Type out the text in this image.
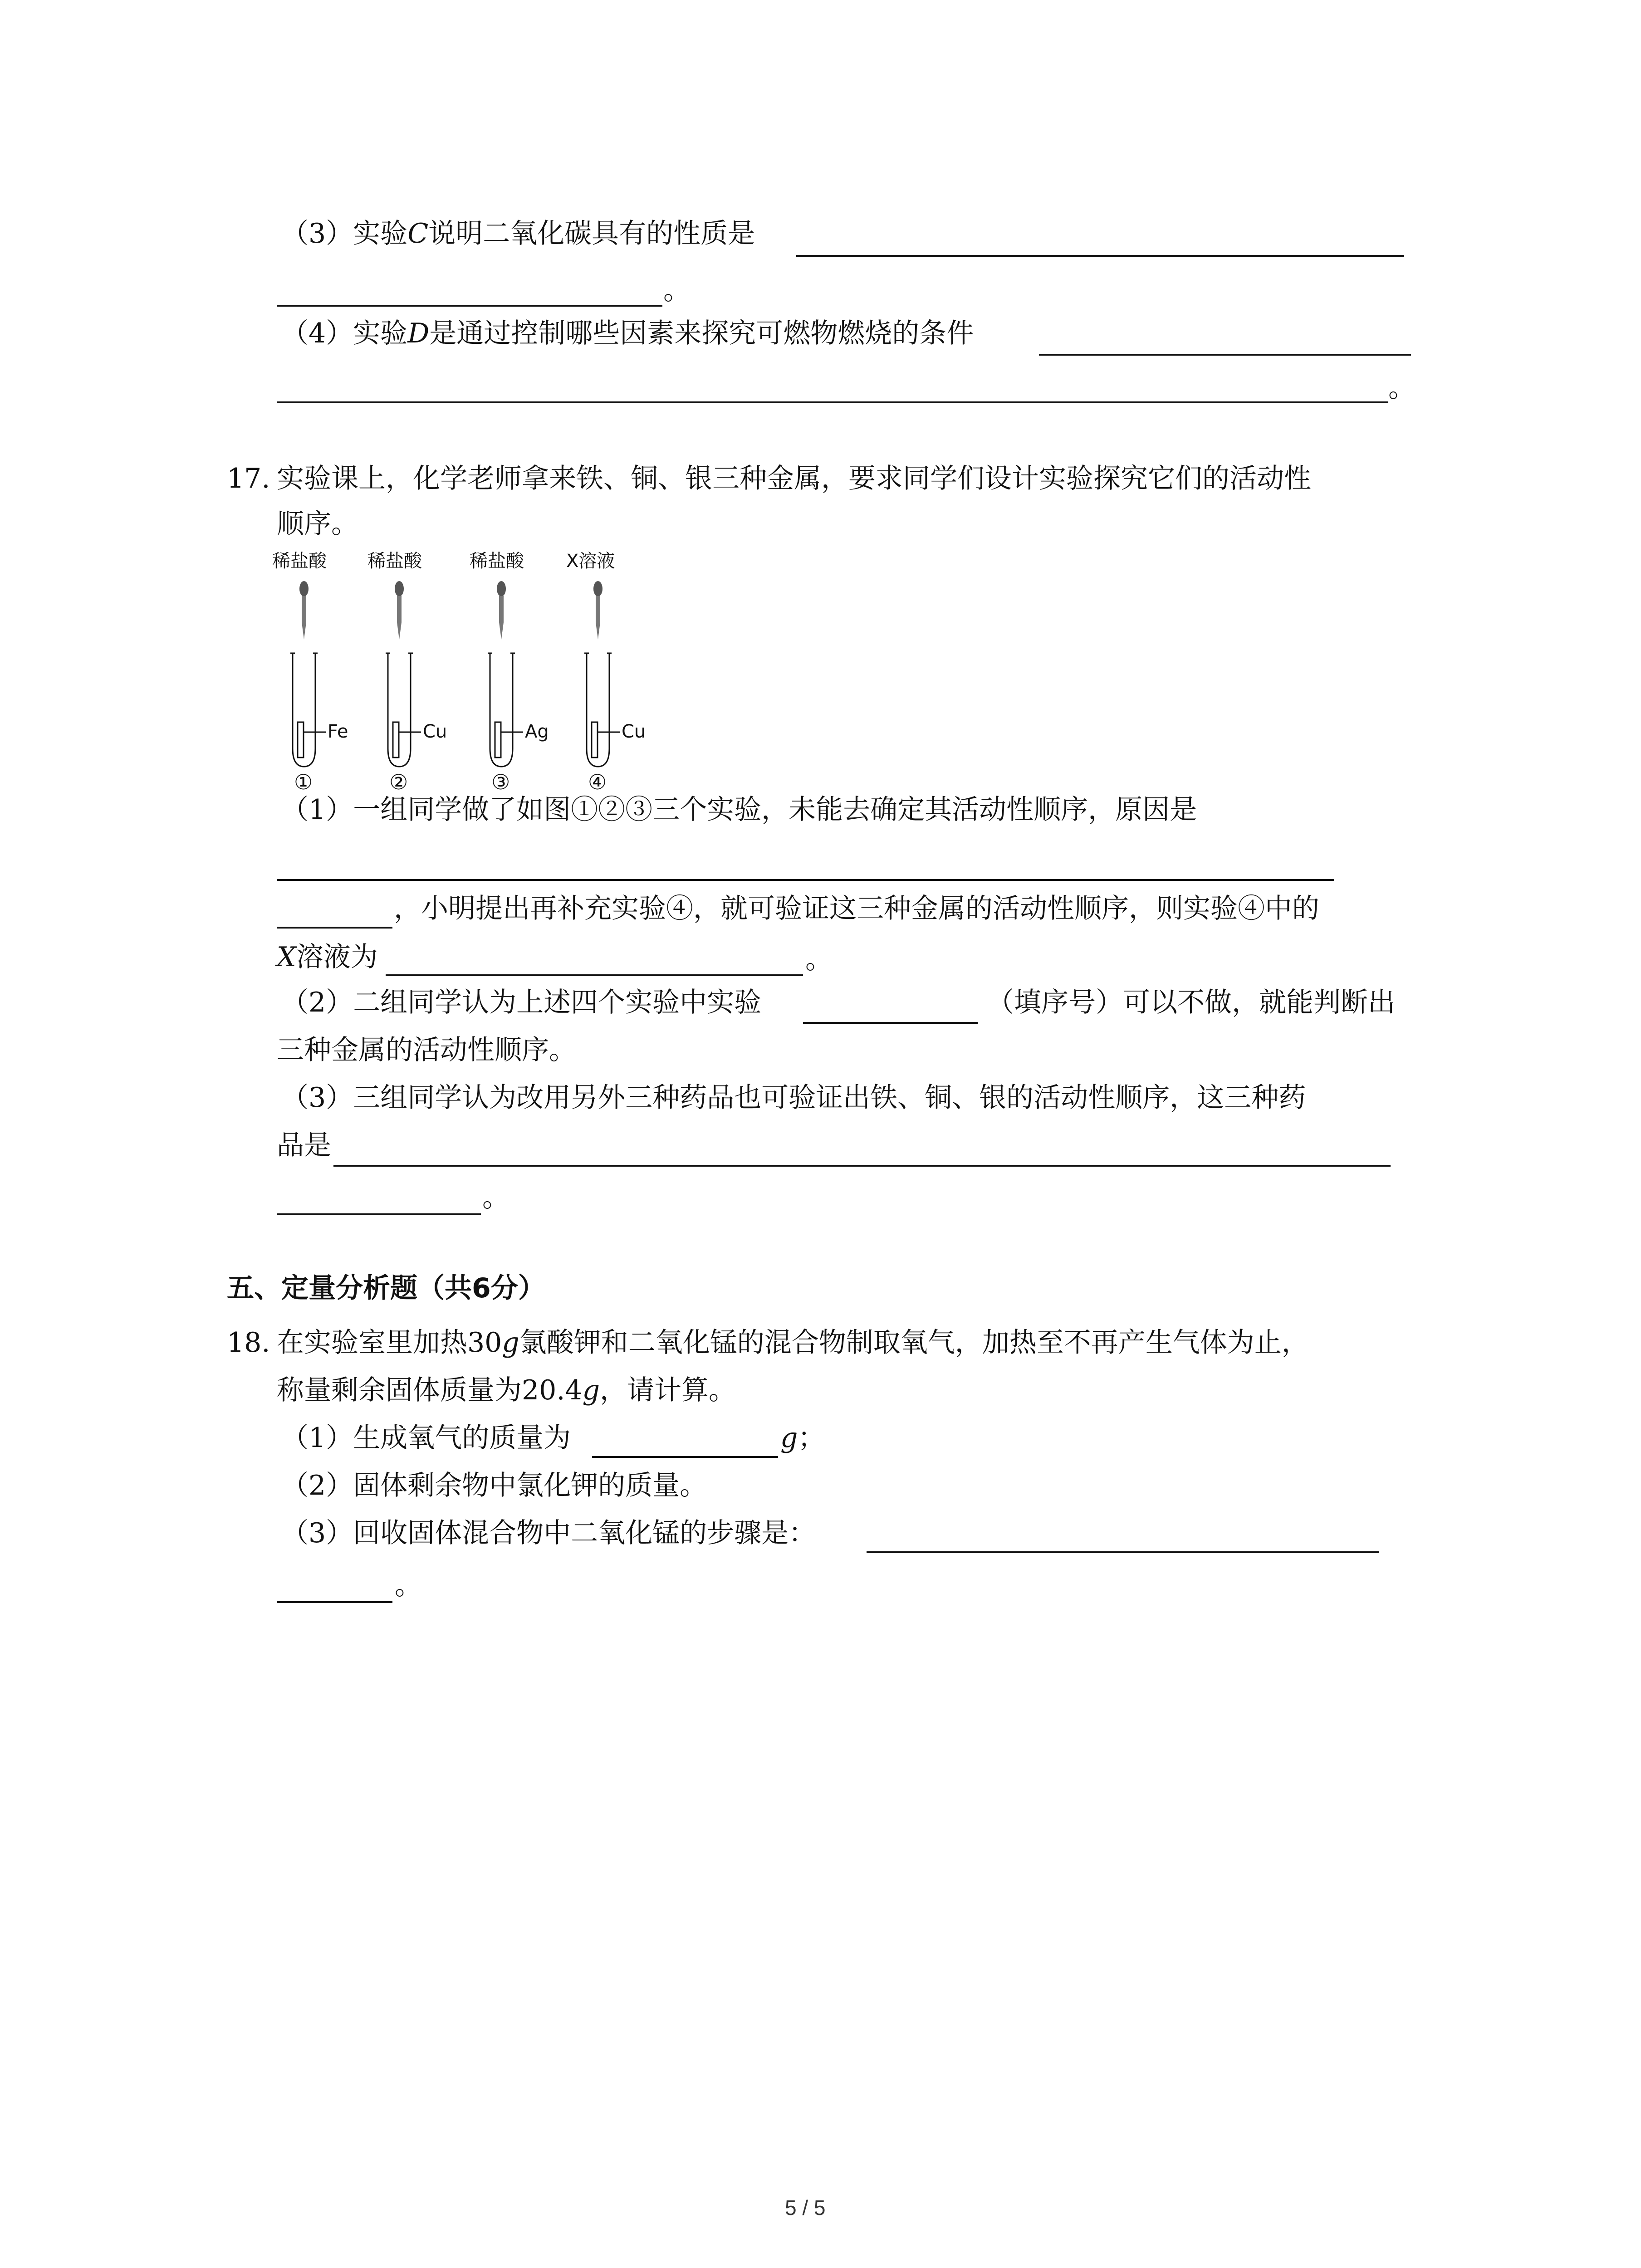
（3）实验C说明二氧化碳具有的性质是
。
（4）实验D是通过控制哪些因素来探究可燃物燃烧的条件
。
17. 实验课上，化学老师拿来铁、铜、银三种金属，要求同学们设计实验探究它们的活动性
顺序。
稀盐酸
Fe
①
稀盐酸
Cu
②
稀盐酸
Ag
③
X溶液
Cu
④
（1）一组同学做了如图①②③三个实验，未能去确定其活动性顺序，原因是
，小明提出再补充实验④，就可验证这三种金属的活动性顺序，则实验④中的
X溶液为	。
（2）二组同学认为上述四个实验中实验	（填序号）可以不做，就能判断出
三种金属的活动性顺序。
（3）三组同学认为改用另外三种药品也可验证出铁、铜、银的活动性顺序，这三种药
品是
。
五、定量分析题（共6分）
18. 在实验室里加热30g氯酸钾和二氧化锰的混合物制取氧气，加热至不再产生气体为止，
称量剩余固体质量为20.4g，请计算。
（1）生成氧气的质量为	g；
（2）固体剩余物中氯化钾的质量。
（3）回收固体混合物中二氧化锰的步骤是：
。
5 / 5
